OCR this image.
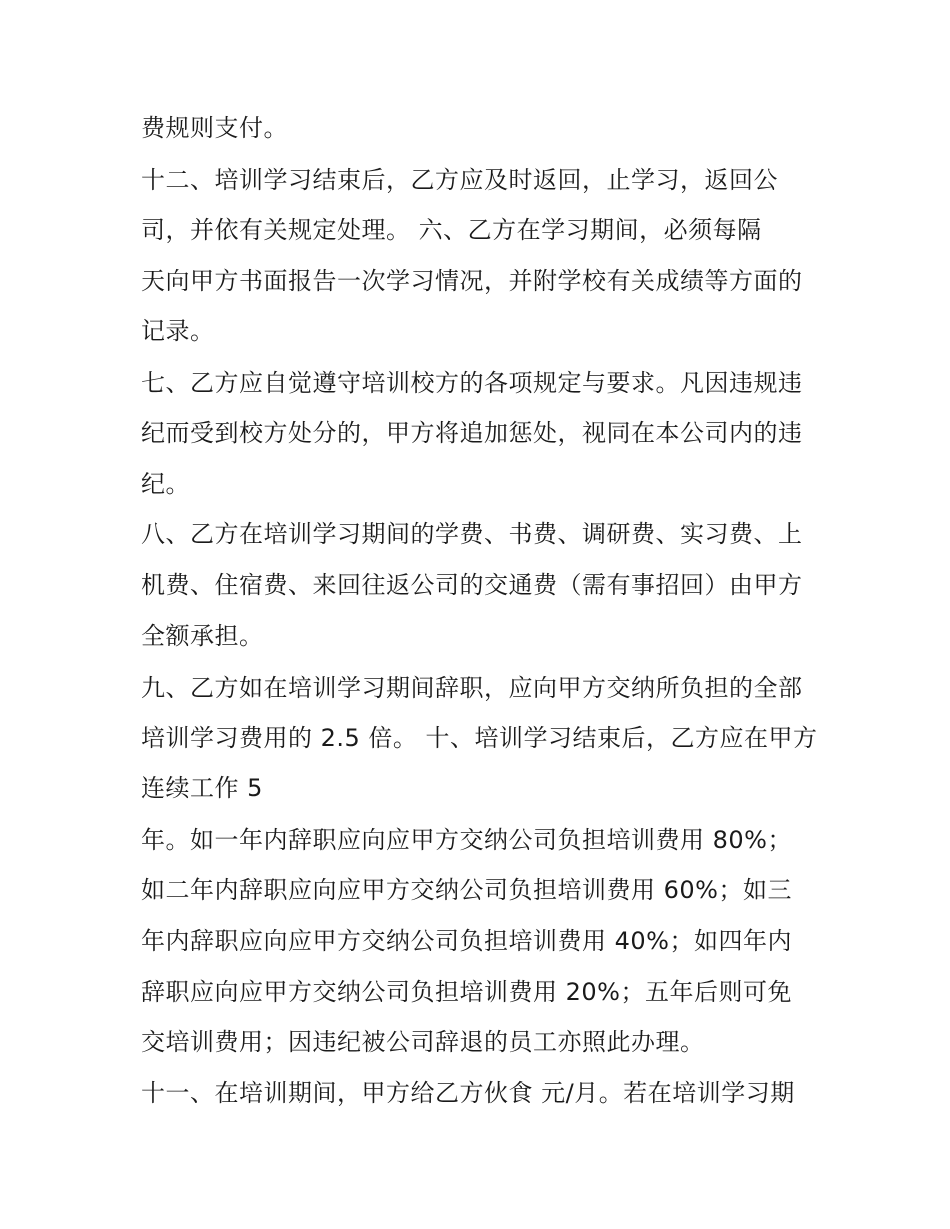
费规则支付。
十二、培训学习结束后，乙方应及时返回，止学习，返回公
司，并依有关规定处理。 六、乙方在学习期间，必须每隔
天向甲方书面报告一次学习情况，并附学校有关成绩等方面的
记录。
七、乙方应自觉遵守培训校方的各项规定与要求。凡因违规违
纪而受到校方处分的，甲方将追加惩处，视同在本公司内的违
纪。
八、乙方在培训学习期间的学费、书费、调研费、实习费、上
机费、住宿费、来回往返公司的交通费（需有事招回）由甲方
全额承担。
九、乙方如在培训学习期间辞职，应向甲方交纳所负担的全部
培训学习费用的 2.5 倍。 十、培训学习结束后，乙方应在甲方
连续工作 5
年。如一年内辞职应向应甲方交纳公司负担培训费用 80%；
如二年内辞职应向应甲方交纳公司负担培训费用 60%；如三
年内辞职应向应甲方交纳公司负担培训费用 40%；如四年内
辞职应向应甲方交纳公司负担培训费用 20%；五年后则可免
交培训费用；因违纪被公司辞退的员工亦照此办理。
十一、在培训期间，甲方给乙方伙食 元/月。若在培训学习期
